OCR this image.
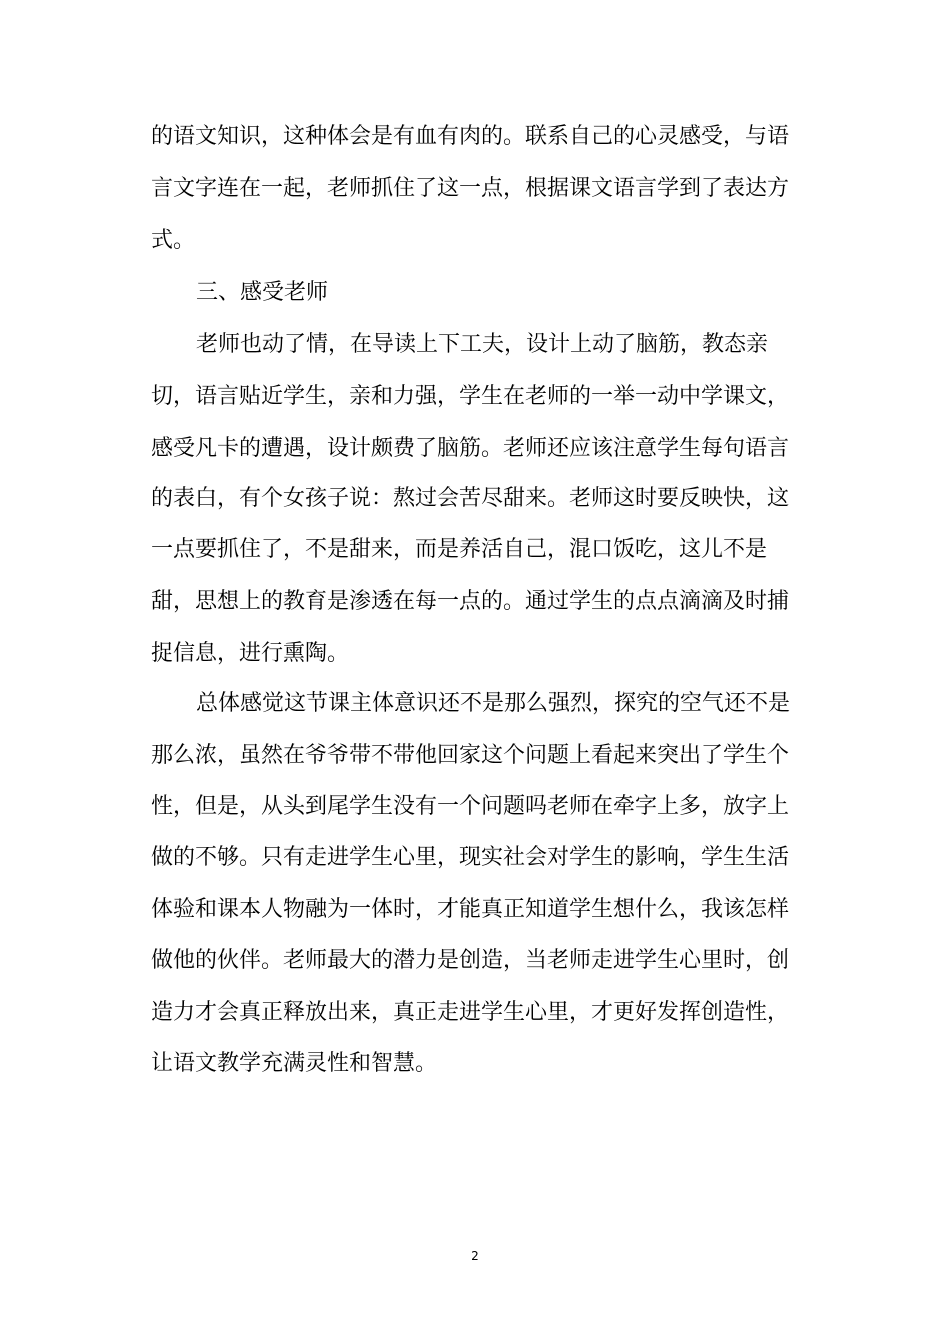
的语文知识，这种体会是有血有肉的。联系自己的心灵感受，与语
言文字连在一起，老师抓住了这一点，根据课文语言学到了表达方
式。
三、感受老师
老师也动了情，在导读上下工夫，设计上动了脑筋，教态亲
切，语言贴近学生，亲和力强，学生在老师的一举一动中学课文，
感受凡卡的遭遇，设计颇费了脑筋。老师还应该注意学生每句语言
的表白，有个女孩子说：熬过会苦尽甜来。老师这时要反映快，这
一点要抓住了，不是甜来，而是养活自己，混口饭吃，这儿不是
甜，思想上的教育是渗透在每一点的。通过学生的点点滴滴及时捕
捉信息，进行熏陶。
总体感觉这节课主体意识还不是那么强烈，探究的空气还不是
那么浓，虽然在爷爷带不带他回家这个问题上看起来突出了学生个
性，但是，从头到尾学生没有一个问题吗老师在牵字上多，放字上
做的不够。只有走进学生心里，现实社会对学生的影响，学生生活
体验和课本人物融为一体时，才能真正知道学生想什么，我该怎样
做他的伙伴。老师最大的潜力是创造，当老师走进学生心里时，创
造力才会真正释放出来，真正走进学生心里，才更好发挥创造性，
让语文教学充满灵性和智慧。
2
